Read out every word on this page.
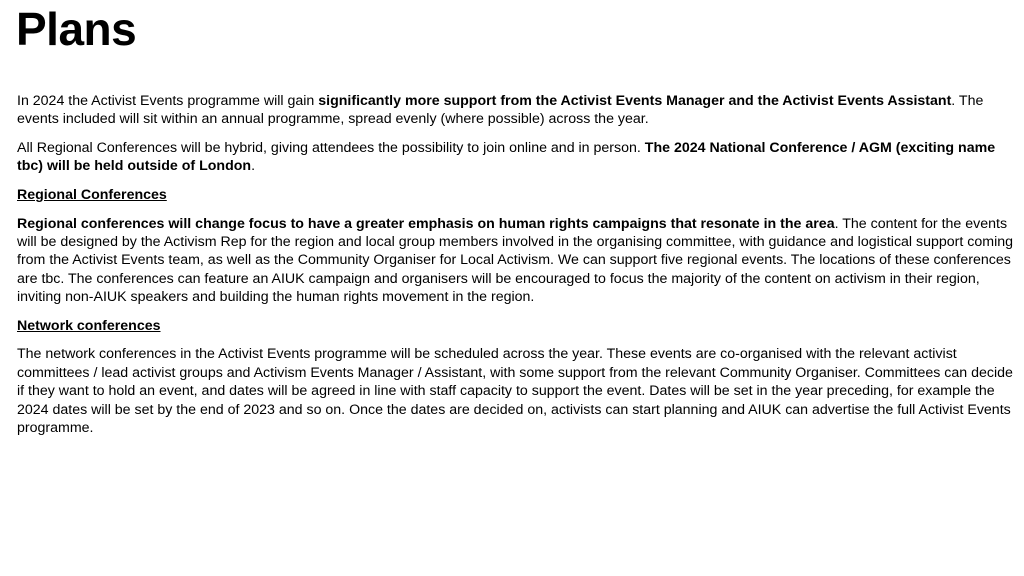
Plans

In 2024 the Activist Events programme will gain significantly more support from the Activist Events Manager and the Activist Events Assistant. The events included will sit within an annual programme, spread evenly (where possible) across the year.

All Regional Conferences will be hybrid, giving attendees the possibility to join online and in person. The 2024 National Conference / AGM (exciting name tbc) will be held outside of London.

Regional Conferences

Regional conferences will change focus to have a greater emphasis on human rights campaigns that resonate in the area. The content for the events will be designed by the Activism Rep for the region and local group members involved in the organising committee, with guidance and logistical support coming from the Activist Events team, as well as the Community Organiser for Local Activism. We can support five regional events. The locations of these conferences are tbc. The conferences can feature an AIUK campaign and organisers will be encouraged to focus the majority of the content on activism in their region, inviting non-AIUK speakers and building the human rights movement in the region.

Network conferences

The network conferences in the Activist Events programme will be scheduled across the year. These events are co-organised with the relevant activist committees / lead activist groups and Activism Events Manager / Assistant, with some support from the relevant Community Organiser. Committees can decide if they want to hold an event, and dates will be agreed in line with staff capacity to support the event. Dates will be set in the year preceding, for example the 2024 dates will be set by the end of 2023 and so on. Once the dates are decided on, activists can start planning and AIUK can advertise the full Activist Events programme.
